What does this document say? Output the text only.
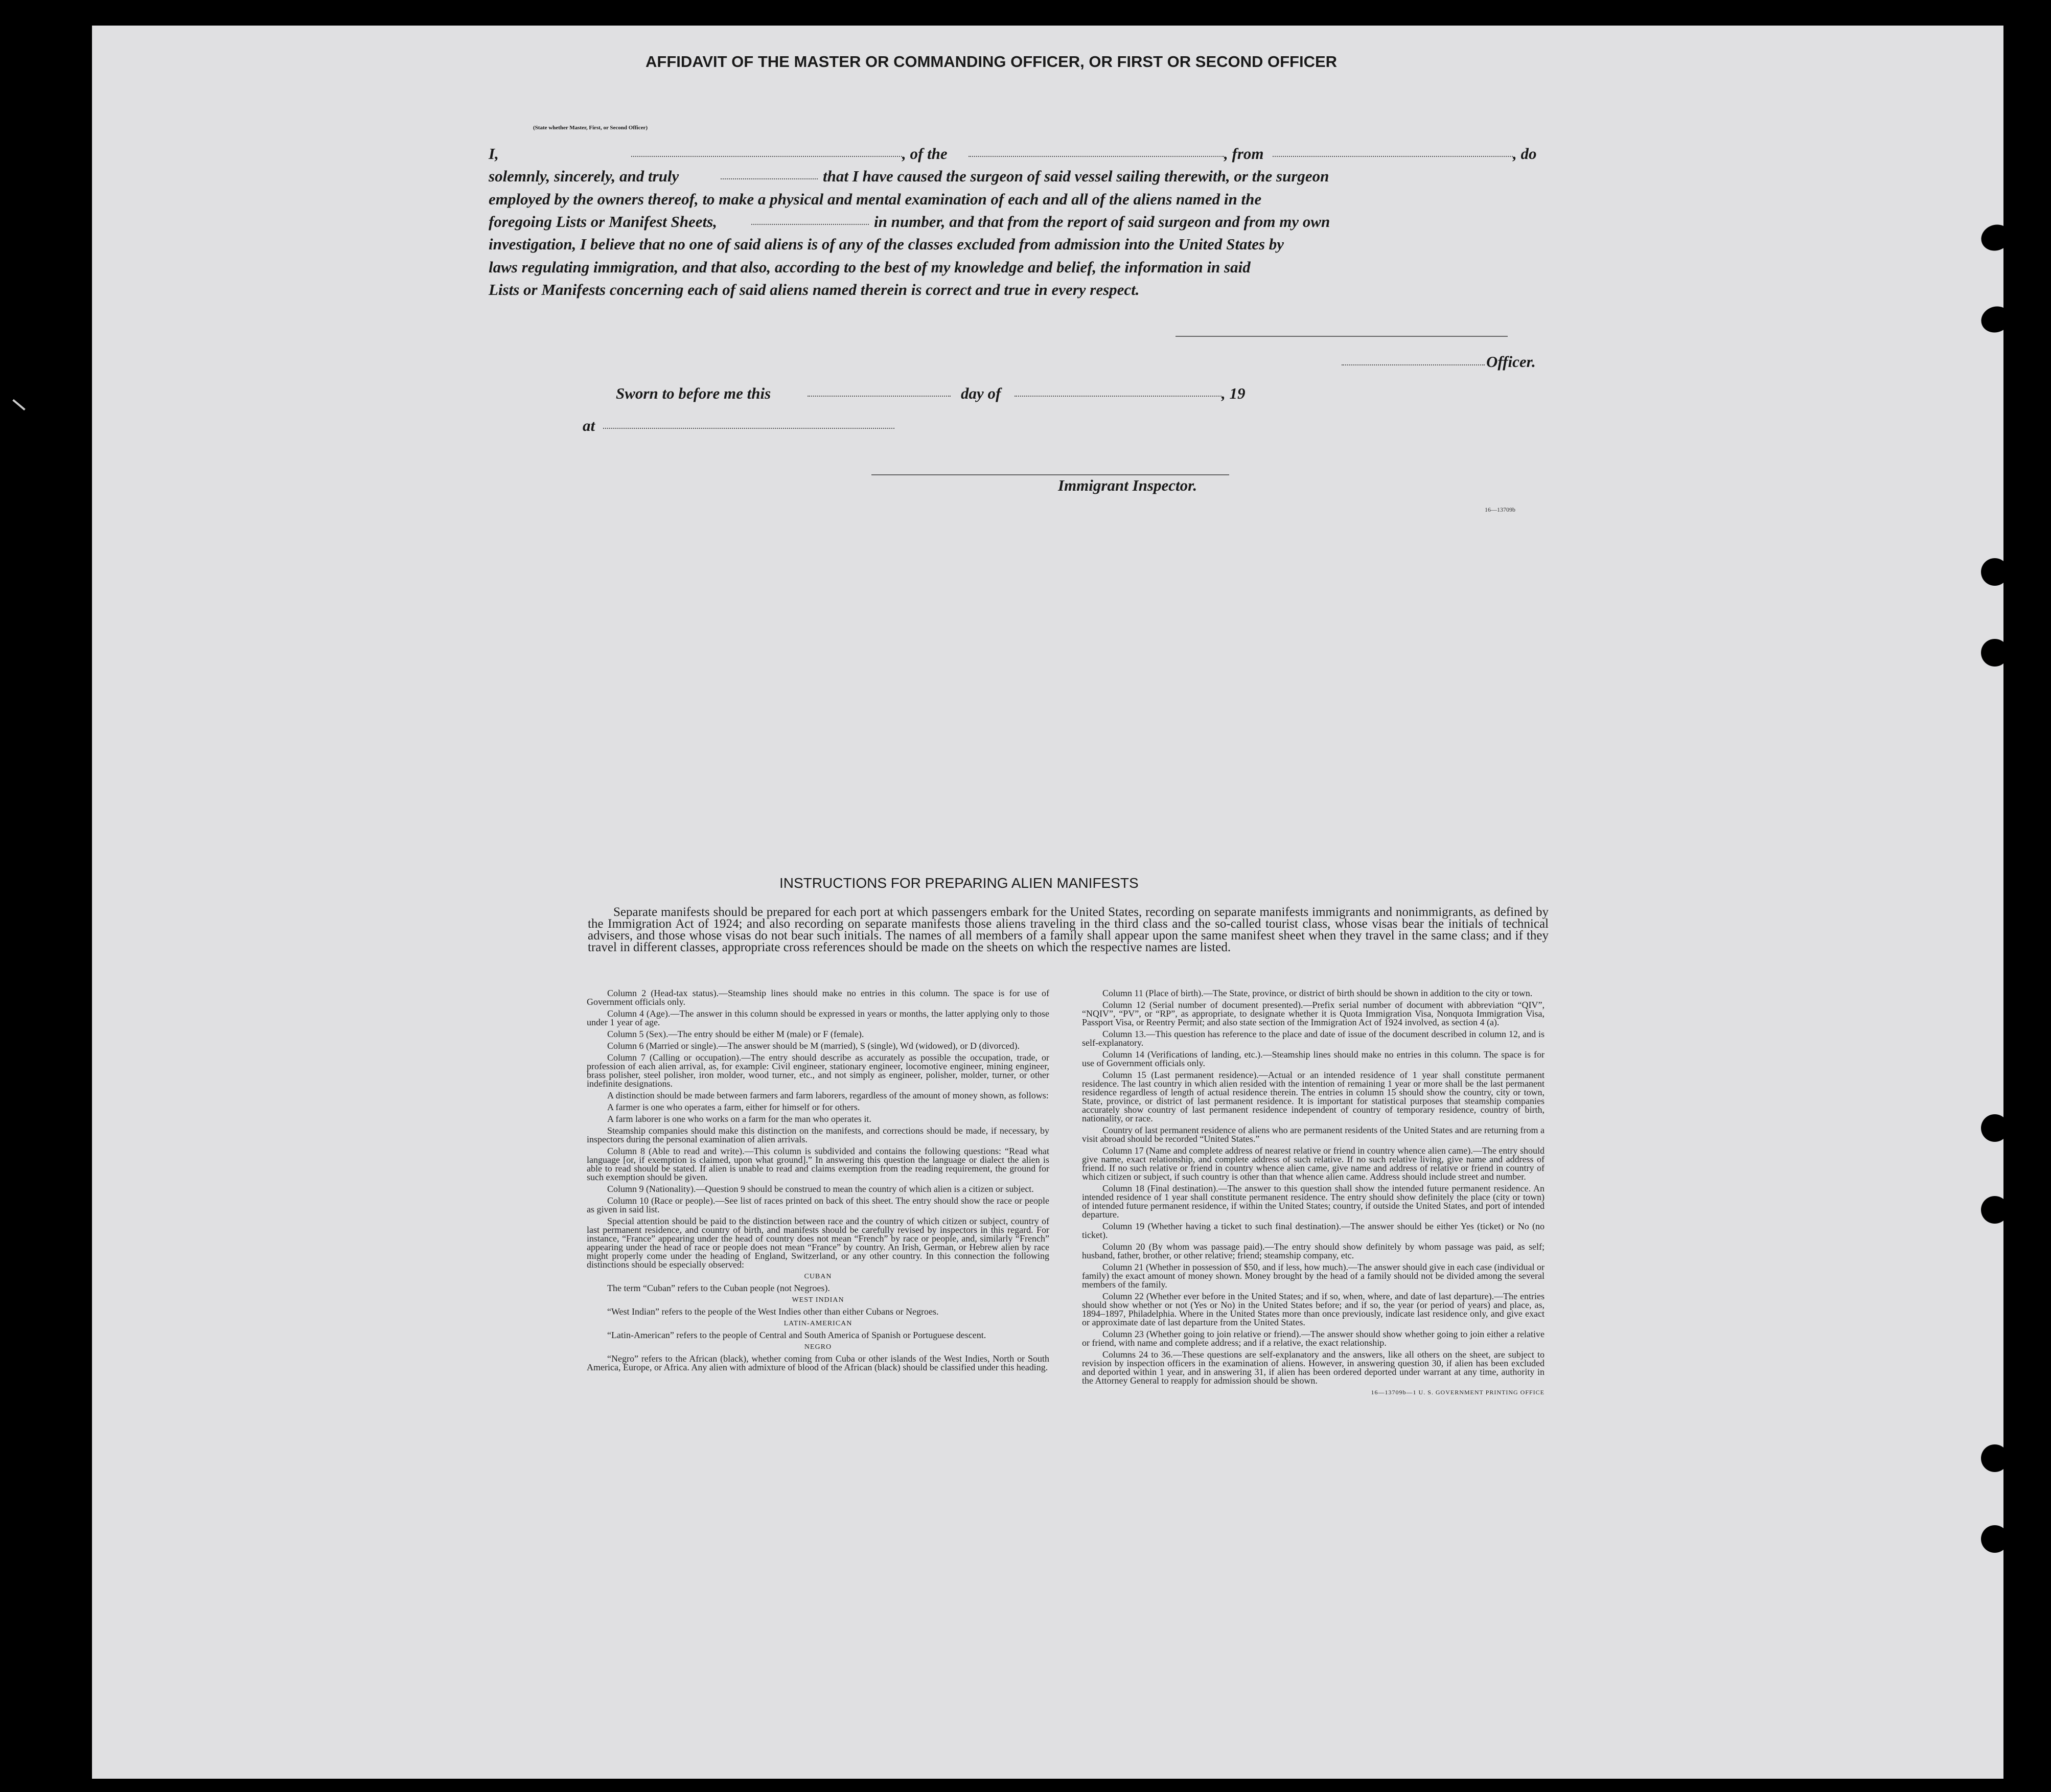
AFFIDAVIT OF THE MASTER OR COMMANDING OFFICER, OR FIRST OR SECOND OFFICER
I,	, of the	, from	, do
(State whether Master, First, or Second Officer)
solemnly, sincerely, and truly	that I have caused the surgeon of said vessel sailing therewith, or the surgeon
employed by the owners thereof, to make a physical and mental examination of each and all of the aliens named in the
foregoing Lists or Manifest Sheets,	in number, and that from the report of said surgeon and from my own
investigation, I believe that no one of said aliens is of any of the classes excluded from admission into the United States by
laws regulating immigration, and that also, according to the best of my knowledge and belief, the information in said
Lists or Manifests concerning each of said aliens named therein is correct and true in every respect.
Officer.
Sworn to before me this	day of	, 19
at
Immigrant Inspector.
16—13709b
INSTRUCTIONS FOR PREPARING ALIEN MANIFESTS
Separate manifests should be prepared for each port at which passengers embark for the United States, recording on separate manifests immigrants and nonimmigrants, as defined by the Immigration Act of 1924; and also recording on separate manifests those aliens traveling in the third class and the so-called tourist class, whose visas bear the initials of technical advisers, and those whose visas do not bear such initials. The names of all members of a family shall appear upon the same manifest sheet when they travel in the same class; and if they travel in different classes, appropriate cross references should be made on the sheets on which the respective names are listed.

Column 2 (Head-tax status).—Steamship lines should make no entries in this column. The space is for use of Government officials only.

Column 4 (Age).—The answer in this column should be expressed in years or months, the latter applying only to those under 1 year of age.

Column 5 (Sex).—The entry should be either M (male) or F (female).

Column 6 (Married or single).—The answer should be M (married), S (single), Wd (widowed), or D (divorced).

Column 7 (Calling or occupation).—The entry should describe as accurately as possible the occupation, trade, or profession of each alien arrival, as, for example: Civil engineer, stationary engineer, locomotive engineer, mining engineer, brass polisher, steel polisher, iron molder, wood turner, etc., and not simply as engineer, polisher, molder, turner, or other indefinite designations.

A distinction should be made between farmers and farm laborers, regardless of the amount of money shown, as follows:

A farmer is one who operates a farm, either for himself or for others.

A farm laborer is one who works on a farm for the man who operates it.

Steamship companies should make this distinction on the manifests, and corrections should be made, if necessary, by inspectors during the personal examination of alien arrivals.

Column 8 (Able to read and write).—This column is subdivided and contains the following questions: “Read what language [or, if exemption is claimed, upon what ground].” In answering this question the language or dialect the alien is able to read should be stated. If alien is unable to read and claims exemption from the reading requirement, the ground for such exemption should be given.

Column 9 (Nationality).—Question 9 should be construed to mean the country of which alien is a citizen or subject.

Column 10 (Race or people).—See list of races printed on back of this sheet. The entry should show the race or people as given in said list.

Special attention should be paid to the distinction between race and the country of which citizen or subject, country of last permanent residence, and country of birth, and manifests should be carefully revised by inspectors in this regard. For instance, “France” appearing under the head of country does not mean “French” by race or people, and, similarly “French” appearing under the head of race or people does not mean “France” by country. An Irish, German, or Hebrew alien by race might properly come under the heading of England, Switzerland, or any other country. In this connection the following distinctions should be especially observed:

CUBAN

The term “Cuban” refers to the Cuban people (not Negroes).

WEST INDIAN

“West Indian” refers to the people of the West Indies other than either Cubans or Negroes.

LATIN-AMERICAN

“Latin-American” refers to the people of Central and South America of Spanish or Portuguese descent.

NEGRO

“Negro” refers to the African (black), whether coming from Cuba or other islands of the West Indies, North or South America, Europe, or Africa. Any alien with admixture of blood of the African (black) should be classified under this heading.

Column 11 (Place of birth).—The State, province, or district of birth should be shown in addition to the city or town.

Column 12 (Serial number of document presented).—Prefix serial number of document with abbreviation “QIV”, “NQIV”, “PV”, or “RP”, as appropriate, to designate whether it is Quota Immigration Visa, Nonquota Immigration Visa, Passport Visa, or Reentry Permit; and also state section of the Immigration Act of 1924 involved, as section 4 (a).

Column 13.—This question has reference to the place and date of issue of the document described in column 12, and is self-explanatory.

Column 14 (Verifications of landing, etc.).—Steamship lines should make no entries in this column. The space is for use of Government officials only.

Column 15 (Last permanent residence).—Actual or an intended residence of 1 year shall constitute permanent residence. The last country in which alien resided with the intention of remaining 1 year or more shall be the last permanent residence regardless of length of actual residence therein. The entries in column 15 should show the country, city or town, State, province, or district of last permanent residence. It is important for statistical purposes that steamship companies accurately show country of last permanent residence independent of country of temporary residence, country of birth, nationality, or race.

Country of last permanent residence of aliens who are permanent residents of the United States and are returning from a visit abroad should be recorded “United States.”

Column 17 (Name and complete address of nearest relative or friend in country whence alien came).—The entry should give name, exact relationship, and complete address of such relative. If no such relative living, give name and address of friend. If no such relative or friend in country whence alien came, give name and address of relative or friend in country of which citizen or subject, if such country is other than that whence alien came. Address should include street and number.

Column 18 (Final destination).—The answer to this question shall show the intended future permanent residence. An intended residence of 1 year shall constitute permanent residence. The entry should show definitely the place (city or town) of intended future permanent residence, if within the United States; country, if outside the United States, and port of intended departure.

Column 19 (Whether having a ticket to such final destination).—The answer should be either Yes (ticket) or No (no ticket).

Column 20 (By whom was passage paid).—The entry should show definitely by whom passage was paid, as self; husband, father, brother, or other relative; friend; steamship company, etc.

Column 21 (Whether in possession of $50, and if less, how much).—The answer should give in each case (individual or family) the exact amount of money shown. Money brought by the head of a family should not be divided among the several members of the family.

Column 22 (Whether ever before in the United States; and if so, when, where, and date of last departure).—The entries should show whether or not (Yes or No) in the United States before; and if so, the year (or period of years) and place, as, 1894–1897, Philadelphia. Where in the United States more than once previously, indicate last residence only, and give exact or approximate date of last departure from the United States.

Column 23 (Whether going to join relative or friend).—The answer should show whether going to join either a relative or friend, with name and complete address; and if a relative, the exact relationship.

Columns 24 to 36.—These questions are self-explanatory and the answers, like all others on the sheet, are subject to revision by inspection officers in the examination of aliens. However, in answering question 30, if alien has been excluded and deported within 1 year, and in answering 31, if alien has been ordered deported under warrant at any time, authority in the Attorney General to reapply for admission should be shown.

16—13709b—1 U. S. GOVERNMENT PRINTING OFFICE
